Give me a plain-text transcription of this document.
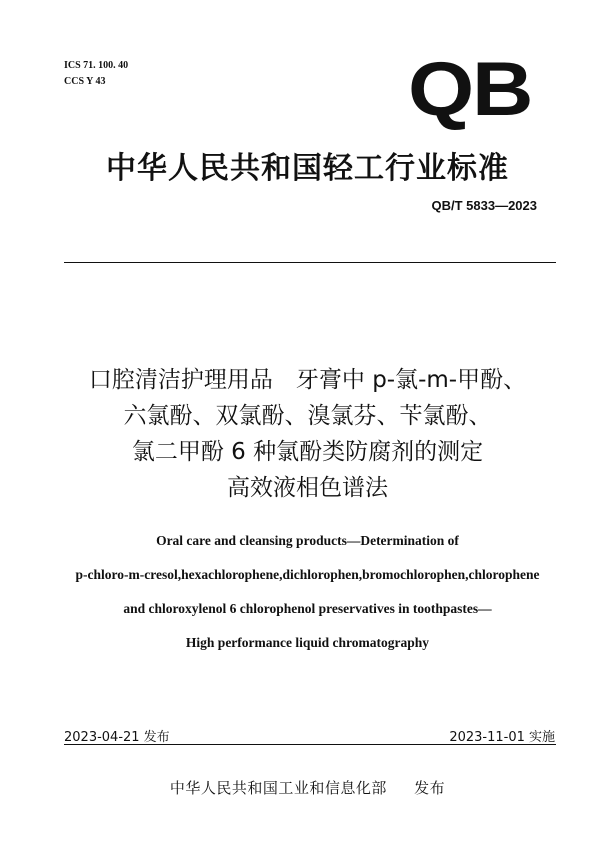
ICS 71. 100. 40
CCS Y 43	QB
中华人民共和国轻工行业标准
QB/T 5833—2023
口腔清洁护理用品　牙膏中 p-氯-m-甲酚、
六氯酚、双氯酚、溴氯芬、苄氯酚、
氯二甲酚 6 种氯酚类防腐剂的测定
高效液相色谱法
Oral care and cleansing products—Determination of
p-chloro-m-cresol,hexachlorophene,dichlorophen,bromochlorophen,chlorophene
and chloroxylenol 6 chlorophenol preservatives in toothpastes—
High performance liquid chromatography
2023-04-21 发布	2023-11-01 实施
中华人民共和国工业和信息化部 发布
